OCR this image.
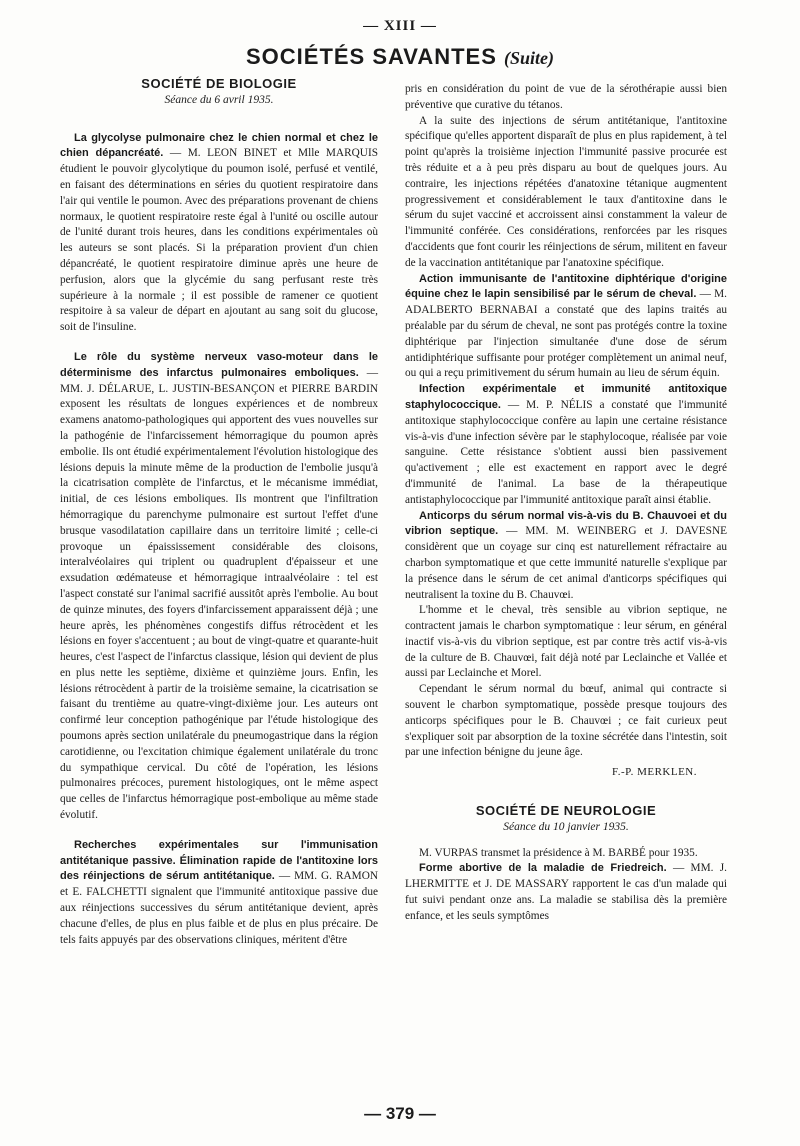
— XIII —
SOCIÉTÉS SAVANTES (Suite)
SOCIÉTÉ DE BIOLOGIE
Séance du 6 avril 1935.

La glycolyse pulmonaire chez le chien normal et chez le chien dépancréaté. — M. LEON BINET et Mlle MARQUIS étudient le pouvoir glycolytique du poumon isolé, perfusé et ventilé, en faisant des déterminations en séries du quotient respiratoire dans l'air qui ventile le poumon. Avec des préparations provenant de chiens normaux, le quotient respiratoire reste égal à l'unité ou oscille autour de l'unité durant trois heures, dans les conditions expérimentales où les auteurs se sont placés. Si la préparation provient d'un chien dépancréaté, le quotient respiratoire diminue après une heure de perfusion, alors que la glycémie du sang perfusant reste très supérieure à la normale ; il est possible de ramener ce quotient respitoire à sa valeur de départ en ajoutant au sang soit du glucose, soit de l'insuline.

Le rôle du système nerveux vaso-moteur dans le déterminisme des infarctus pulmonaires emboliques. — MM. J. DÉLARUE, L. JUSTIN-BESANÇON et PIERRE BARDIN exposent les résultats de longues expériences et de nombreux examens anatomo-pathologiques qui apportent des vues nouvelles sur la pathogénie de l'infarcissement hémorragique du poumon après embolie. Ils ont étudié expérimentalement l'évolution histologique des lésions depuis la minute même de la production de l'embolie jusqu'à la cicatrisation complète de l'infarctus, et le mécanisme immédiat, initial, de ces lésions emboliques. Ils montrent que l'infiltration hémorragique du parenchyme pulmonaire est surtout l'effet d'une brusque vasodilatation capillaire dans un territoire limité ; celle-ci provoque un épaississement considérable des cloisons, interalvéolaires qui triplent ou quadruplent d'épaisseur et une exsudation œdémateuse et hémorragique intraalvéolaire : tel est l'aspect constaté sur l'animal sacrifié aussitôt après l'embolie. Au bout de quinze minutes, des foyers d'infarcissement apparaissent déjà ; une heure après, les phénomènes congestifs diffus rétrocèdent et les lésions en foyer s'accentuent ; au bout de vingt-quatre et quarante-huit heures, c'est l'aspect de l'infarctus classique, lésion qui devient de plus en plus nette les septième, dixième et quinzième jours. Enfin, les lésions rétrocèdent à partir de la troisième semaine, la cicatrisation se faisant du trentième au quatre-vingt-dixième jour. Les auteurs ont confirmé leur conception pathogénique par l'étude histologique des poumons après section unilatérale du pneumogastrique dans la région carotidienne, ou l'excitation chimique également unilatérale du tronc du sympathique cervical. Du côté de l'opération, les lésions pulmonaires précoces, purement histologiques, ont le même aspect que celles de l'infarctus hémorragique post-embolique au même stade évolutif.

Recherches expérimentales sur l'immunisation antitétanique passive. Élimination rapide de l'antitoxine lors des réinjections de sérum antitétanique. — MM. G. RAMON et E. FALCHETTI signalent que l'immunité antitoxique passive due aux réinjections successives du sérum antitétanique devient, après chacune d'elles, de plus en plus faible et de plus en plus précaire. De tels faits appuyés par des observations cliniques, méritent d'être

pris en considération du point de vue de la sérothérapie aussi bien préventive que curative du tétanos.

A la suite des injections de sérum antitétanique, l'antitoxine spécifique qu'elles apportent disparaît de plus en plus rapidement, à tel point qu'après la troisième injection l'immunité passive procurée est très réduite et a à peu près disparu au bout de quelques jours. Au contraire, les injections répétées d'anatoxine tétanique augmentent progressivement et considérablement le taux d'antitoxine dans le sérum du sujet vacciné et accroissent ainsi constamment la valeur de l'immunité conférée. Ces considérations, renforcées par les risques d'accidents que font courir les réinjections de sérum, militent en faveur de la vaccination antitétanique par l'anatoxine spécifique.

Action immunisante de l'antitoxine diphtérique d'origine équine chez le lapin sensibilisé par le sérum de cheval. — M. ADALBERTO BERNABAI a constaté que des lapins traités au préalable par du sérum de cheval, ne sont pas protégés contre la toxine diphtérique par l'injection simultanée d'une dose de sérum antidiphtérique suffisante pour protéger complètement un animal neuf, ou qui a reçu primitivement du sérum humain au lieu de sérum équin.

Infection expérimentale et immunité antitoxique staphylococcique. — M. P. NÉLIS a constaté que l'immunité antitoxique staphylococcique confère au lapin une certaine résistance vis-à-vis d'une infection sévère par le staphylocoque, réalisée par voie sanguine. Cette résistance s'obtient aussi bien passivement qu'activement ; elle est exactement en rapport avec le degré d'immunité de l'animal. La base de la thérapeutique antistaphylococcique par l'immunité antitoxique paraît ainsi établie.

Anticorps du sérum normal vis-à-vis du B. Chauvoei et du vibrion septique. — MM. M. WEINBERG et J. DAVESNE considèrent que un coyage sur cinq est naturellement réfractaire au charbon symptomatique et que cette immunité naturelle s'explique par la présence dans le sérum de cet animal d'anticorps spécifiques qui neutralisent la toxine du B. Chauvœi.

L'homme et le cheval, très sensible au vibrion septique, ne contractent jamais le charbon symptomatique : leur sérum, en général inactif vis-à-vis du vibrion septique, est par contre très actif vis-à-vis de la culture de B. Chauvœi, fait déjà noté par Leclainche et Vallée et aussi par Leclainche et Morel.

Cependant le sérum normal du bœuf, animal qui contracte si souvent le charbon symptomatique, possède presque toujours des anticorps spécifiques pour le B. Chauvœi ; ce fait curieux peut s'expliquer soit par absorption de la toxine sécrétée dans l'intestin, soit par une infection bénigne du jeune âge.

F.-P. MERKLEN.
SOCIÉTÉ DE NEUROLOGIE
Séance du 10 janvier 1935.

M. VURPAS transmet la présidence à M. BARBÉ pour 1935.

Forme abortive de la maladie de Friedreich. — MM. J. LHERMITTE et J. DE MASSARY rapportent le cas d'un malade qui fut suivi pendant onze ans. La maladie se stabilisa dès la première enfance, et les seuls symptômes

— 379 —
